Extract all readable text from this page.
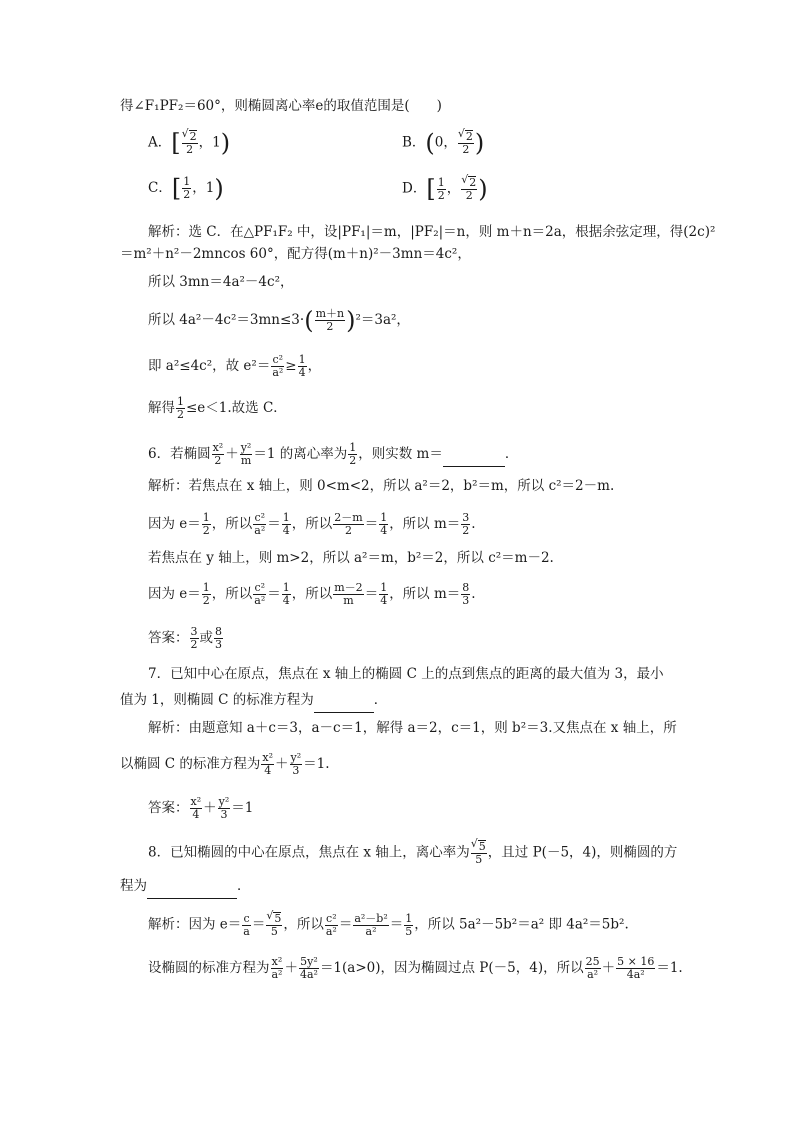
得∠F₁PF₂＝60°，则椭圆离心率e的取值范围是(　　)
A．[ √ $\frac{2}{2}$ ，1)	B．(0， √ $\frac{2}{2}$ )
C．[ $\frac{1}{2}$ ，1)	D．[ $\frac{1}{2}$ ， √ $\frac{2}{2}$ )
解析：选 C．在△PF₁F₂ 中，设|PF₁|＝m，|PF₂|＝n，则 m＋n＝2a，根据余弦定理，得(2c)²
＝m²＋n²－2mncos 60°，配方得(m＋n)²－3mn＝4c²，
所以 3mn＝4a²－4c²，
所以 $4a^2-4c^2=3mn\le 3\cdot( \frac{m+n}{2} )^2=3a^2$，
即 a²≤4c²，故 $e^2= \frac{\text{c²}}{\text{a²}} \ge \frac{1}{4}$ ，
解得 $\frac{1}{2} \le e<1$.故选 C．
6．若椭圆 $\frac{\text{x²}}{2} + \frac{\text{y²}}{m} =1$ 的离心率为 $\frac{1}{2}$ ，则实数 m＝	．
解析：若焦点在 x 轴上，则 0<m<2，所以 a²＝2，b²＝m，所以 c²＝2－m.
因为 $e= \frac{1}{2}$ ，所以 $\frac{\text{c²}}{\text{a²}} = \frac{1}{4}$ ，所以 $\frac{2-m}{2} = \frac{1}{4}$ ，所以 $m= \frac{3}{2}$ .
若焦点在 y 轴上，则 m>2，所以 a²＝m，b²＝2，所以 c²＝m－2.
因为 $e= \frac{1}{2}$ ，所以 $\frac{\text{c²}}{\text{a²}} = \frac{1}{4}$ ，所以 $\frac{m-2}{m} = \frac{1}{4}$ ，所以 $m= \frac{8}{3}$ .
答案： $\frac{3}{2}$ 或 $\frac{8}{3}$
7．已知中心在原点，焦点在 x 轴上的椭圆 C 上的点到焦点的距离的最大值为 3，最小
值为 1，则椭圆 C 的标准方程为	．
解析：由题意知 a＋c＝3，a－c＝1，解得 a＝2，c＝1，则 b²＝3.又焦点在 x 轴上，所
以椭圆 C 的标准方程为 $\frac{\text{x²}}{4} + \frac{\text{y²}}{3} =1$.
答案： $\frac{\text{x²}}{4} + \frac{\text{y²}}{3} =1$
8．已知椭圆的中心在原点，焦点在 x 轴上，离心率为 √ $\frac{5}{5}$ ，且过 P(－5，4)，则椭圆的方
程为	．
解析：因为 $e= \frac{c}{a}$ ＝ √ $\frac{5}{5}$ ，所以 $\frac{\text{c²}}{\text{a²}} = \frac{\text{a²－b²}}{\text{a²}} = \frac{1}{5}$ ，所以 5a²－5b²＝a² 即 4a²＝5b².
设椭圆的标准方程为 $\frac{\text{x²}}{\text{a²}} + \frac{\text{5y²}}{\text{4a²}} =1(a>0)$，因为椭圆过点 P(－5，4)，所以 $\frac{25}{\text{a²}} + \frac{5 \times 16}{\text{4a²}} =1$.
